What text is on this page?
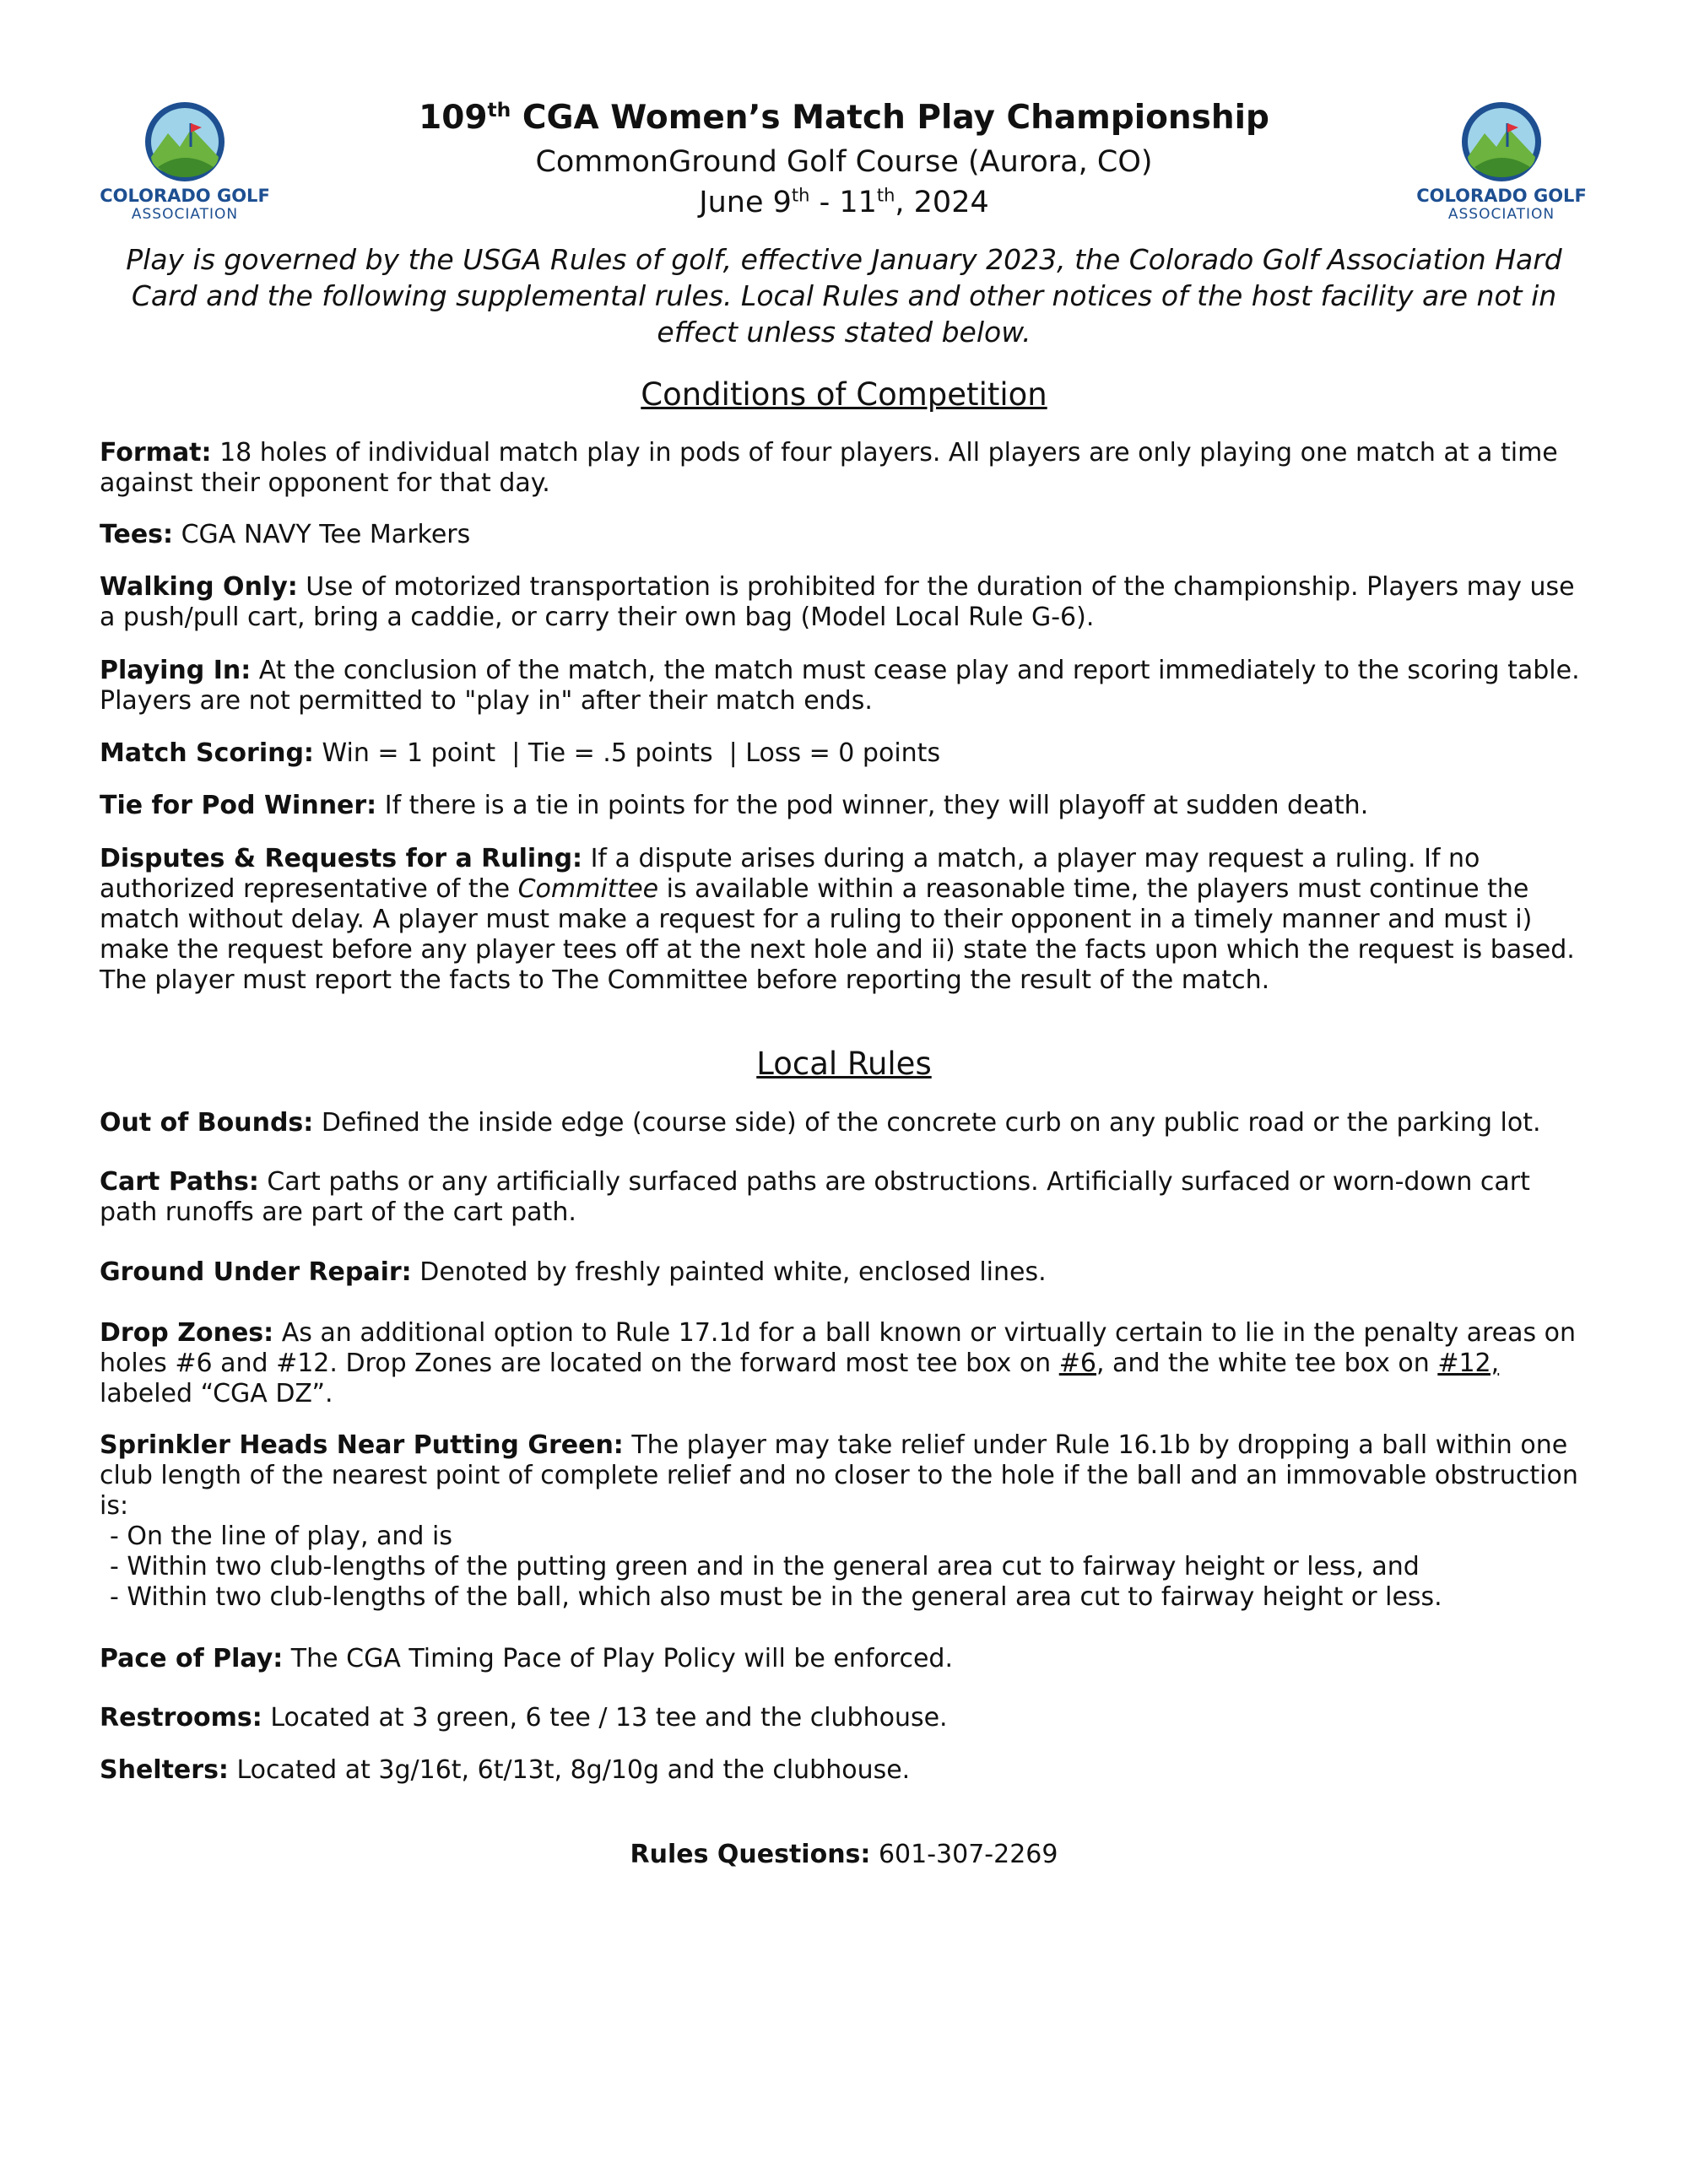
COLORADO GOLF
ASSOCIATION
COLORADO GOLF
ASSOCIATION
109th CGA Women’s Match Play Championship
CommonGround Golf Course (Aurora, CO)
June 9th - 11th, 2024
Play is governed by the USGA Rules of golf, effective January 2023, the Colorado Golf Association Hard Card and the following supplemental rules. Local Rules and other notices of the host facility are not in effect unless stated below.
Conditions of Competition
Format: 18 holes of individual match play in pods of four players. All players are only playing one match at a time against their opponent for that day.
Tees: CGA NAVY Tee Markers
Walking Only: Use of motorized transportation is prohibited for the duration of the championship. Players may use a push/pull cart, bring a caddie, or carry their own bag (Model Local Rule G-6).
Playing In: At the conclusion of the match, the match must cease play and report immediately to the scoring table. Players are not permitted to "play in" after their match ends.
Match Scoring: Win = 1 point  | Tie = .5 points  | Loss = 0 points
Tie for Pod Winner: If there is a tie in points for the pod winner, they will playoff at sudden death.
Disputes & Requests for a Ruling: If a dispute arises during a match, a player may request a ruling. If no authorized representative of the Committee is available within a reasonable time, the players must continue the match without delay. A player must make a request for a ruling to their opponent in a timely manner and must i) make the request before any player tees off at the next hole and ii) state the facts upon which the request is based. The player must report the facts to The Committee before reporting the result of the match.
Local Rules
Out of Bounds: Defined the inside edge (course side) of the concrete curb on any public road or the parking lot.
Cart Paths: Cart paths or any artificially surfaced paths are obstructions. Artificially surfaced or worn-down cart path runoffs are part of the cart path.
Ground Under Repair: Denoted by freshly painted white, enclosed lines.
Drop Zones: As an additional option to Rule 17.1d for a ball known or virtually certain to lie in the penalty areas on holes #6 and #12. Drop Zones are located on the forward most tee box on #6, and the white tee box on #12, labeled “CGA DZ”.
Sprinkler Heads Near Putting Green: The player may take relief under Rule 16.1b by dropping a ball within one club length of the nearest point of complete relief and no closer to the hole if the ball and an immovable obstruction is:
- On the line of play, and is
- Within two club-lengths of the putting green and in the general area cut to fairway height or less, and
- Within two club-lengths of the ball, which also must be in the general area cut to fairway height or less.
Pace of Play: The CGA Timing Pace of Play Policy will be enforced.
Restrooms: Located at 3 green, 6 tee / 13 tee and the clubhouse.
Shelters: Located at 3g/16t, 6t/13t, 8g/10g and the clubhouse.
Rules Questions: 601-307-2269
